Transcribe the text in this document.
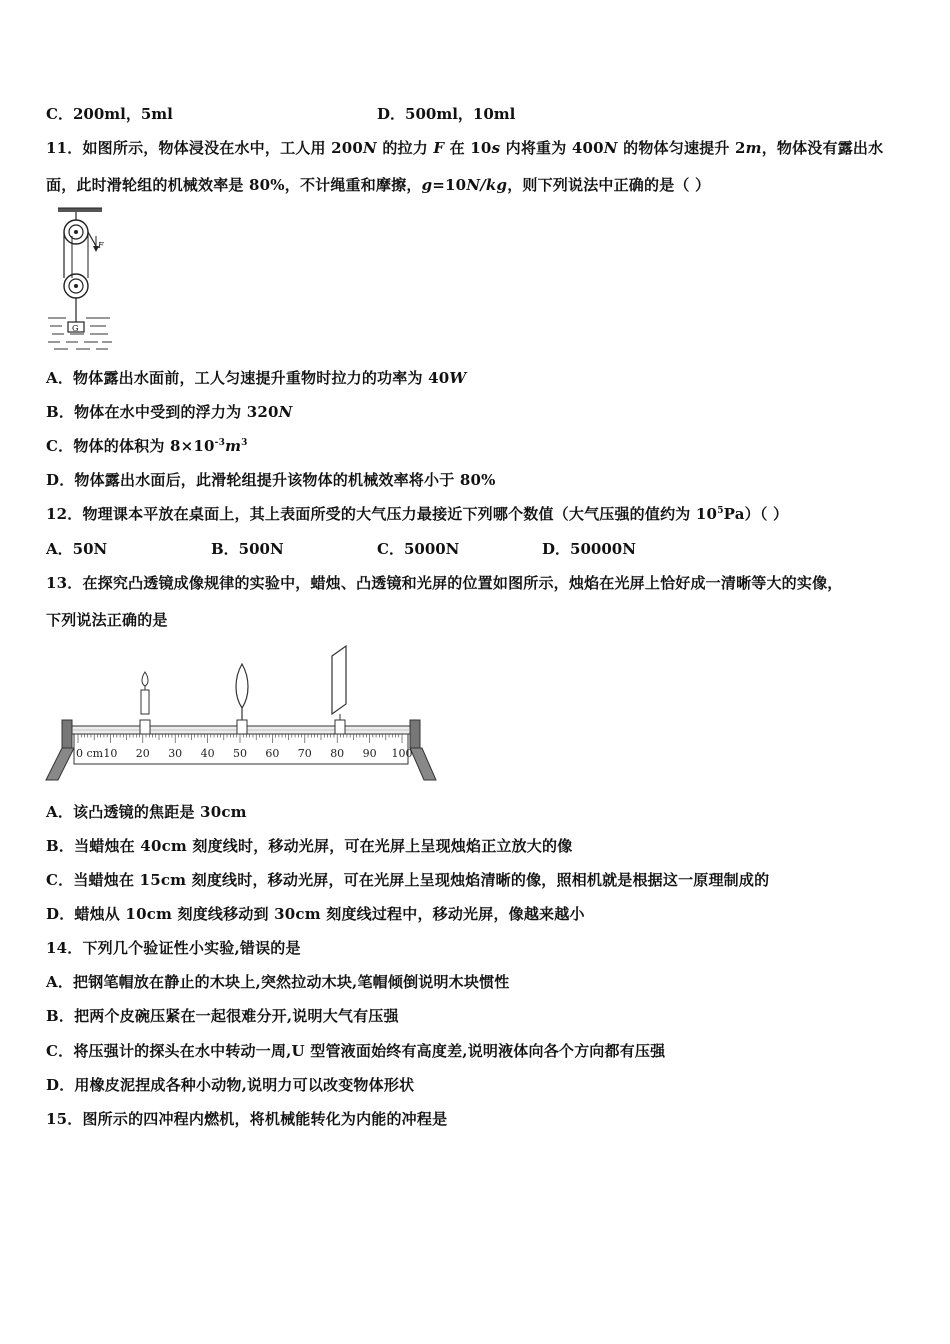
C．200ml，5ml	D．500ml，10ml
11．如图所示，物体浸没在水中，工人用 200N 的拉力 F 在 10s 内将重为 400N 的物体匀速提升 2m，物体没有露出水
面，此时滑轮组的机械效率是 80%，不计绳重和摩擦，g=10N/kg，则下列说法中正确的是（ ）
F
G
A．物体露出水面前，工人匀速提升重物时拉力的功率为 40W
B．物体在水中受到的浮力为 320N
C．物体的体积为 $8\times 10^{-3}m^3$
D．物体露出水面后，此滑轮组提升该物体的机械效率将小于 80%
12．物理课本平放在桌面上，其上表面所受的大气压力最接近下列哪个数值（大气压强的值约为 $10^5Pa$）（ ）
A．50N	B．500N	C．5000N	D．50000N
13．在探究凸透镜成像规律的实验中，蜡烛、凸透镜和光屏的位置如图所示，烛焰在光屏上恰好成一清晰等大的实像，
下列说法正确的是
0 cm 10 20 30 40 50 60 70 80 90 100
A．该凸透镜的焦距是 30cm
B．当蜡烛在 40cm 刻度线时，移动光屏，可在光屏上呈现烛焰正立放大的像
C．当蜡烛在 15cm 刻度线时，移动光屏，可在光屏上呈现烛焰清晰的像，照相机就是根据这一原理制成的
D．蜡烛从 10cm 刻度线移动到 30cm 刻度线过程中，移动光屏，像越来越小
14．下列几个验证性小实验,错误的是
A．把钢笔帽放在静止的木块上,突然拉动木块,笔帽倾倒说明木块惯性
B．把两个皮碗压紧在一起很难分开,说明大气有压强
C．将压强计的探头在水中转动一周,U 型管液面始终有高度差,说明液体向各个方向都有压强
D．用橡皮泥捏成各种小动物,说明力可以改变物体形状
15．图所示的四冲程内燃机，将机械能转化为内能的冲程是
